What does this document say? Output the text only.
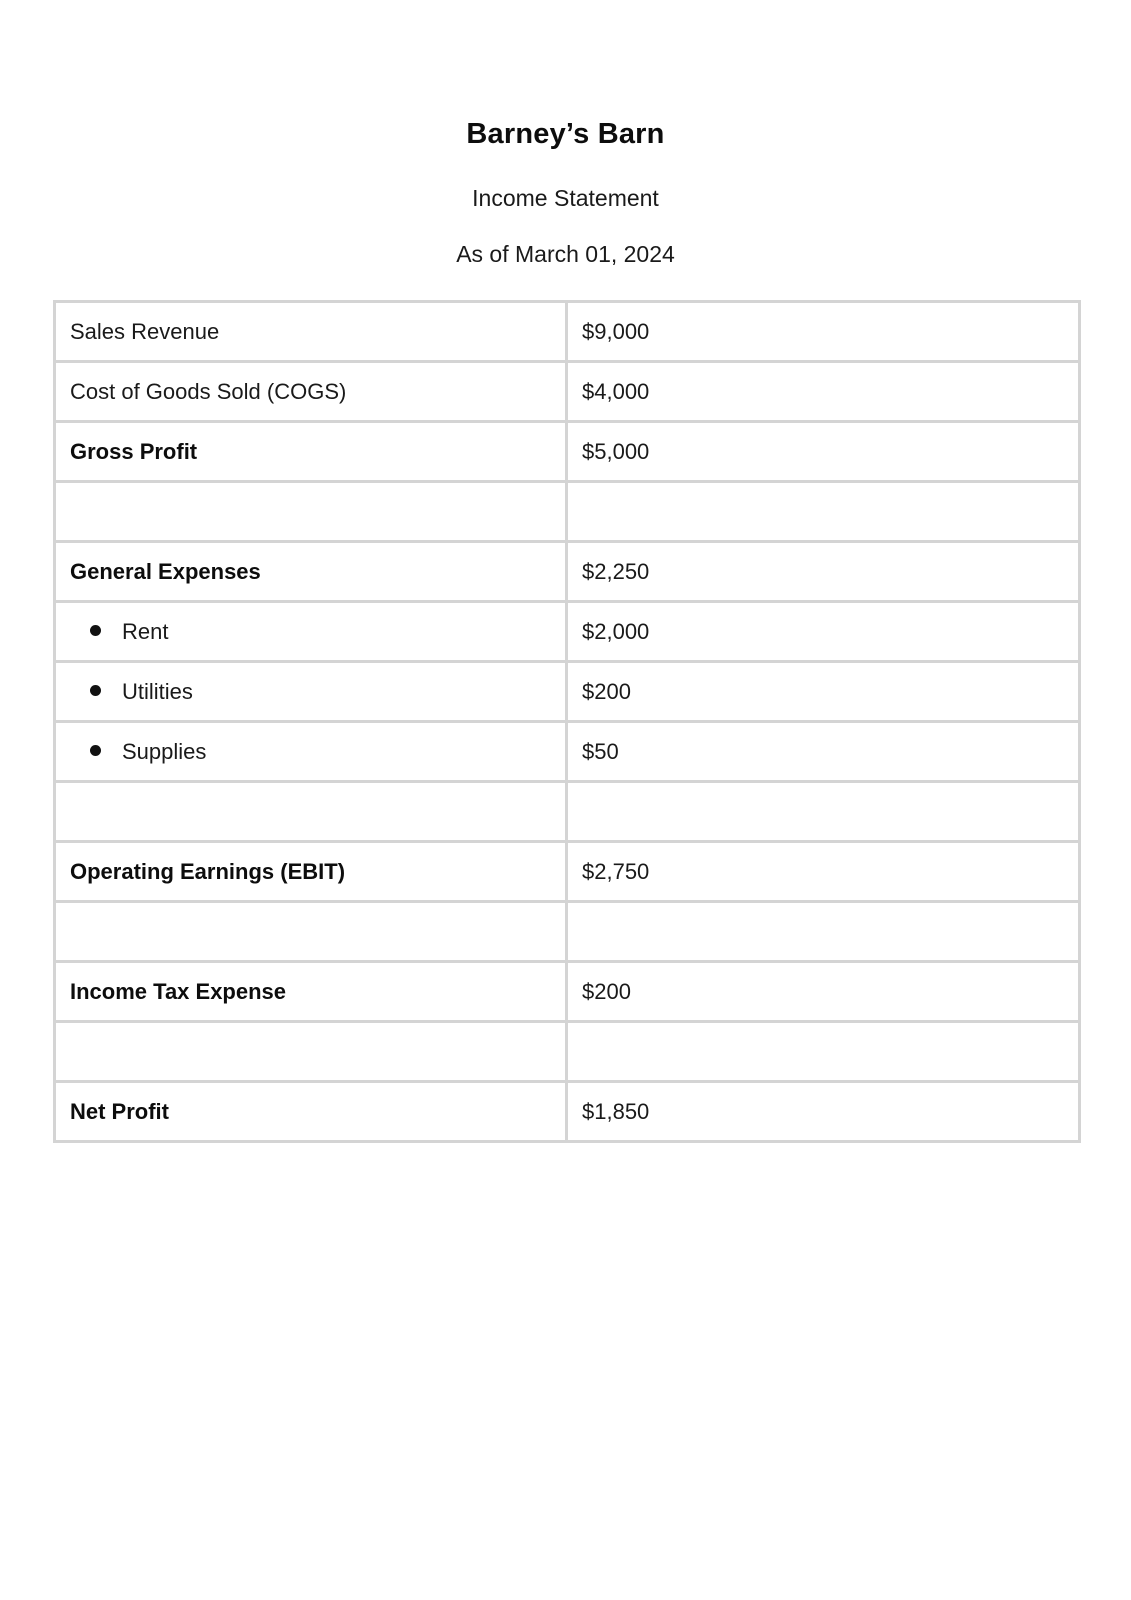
Barney’s Barn
Income Statement
As of March 01, 2024
Sales Revenue	$9,000
Cost of Goods Sold (COGS)	$4,000
Gross Profit	$5,000

General Expenses	$2,250
Rent	$2,000
Utilities	$200
Supplies	$50

Operating Earnings (EBIT)	$2,750

Income Tax Expense	$200

Net Profit	$1,850
